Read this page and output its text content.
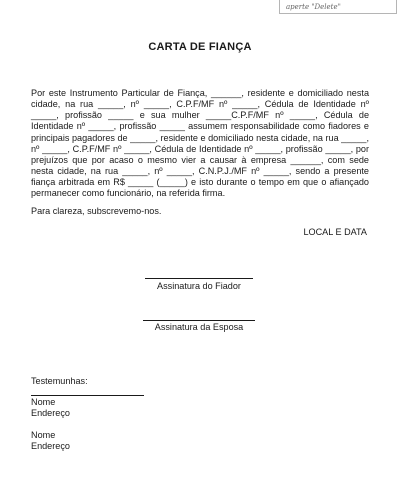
aperte "Delete"
CARTA DE FIANÇA
Por este Instrumento Particular de Fiança, ______, residente e domiciliado nesta cidade, na rua _____, nº _____, C.P.F/MF nº _____, Cédula de Identidade nº _____, profissão _____ e sua mulher _____C.P.F/MF nº _____, Cédula de Identidade nº _____, profissão _____ assumem responsabilidade como fiadores e principais pagadores de _____, residente e domiciliado nesta cidade, na rua _____, nº _____, C.P.F/MF nº _____, Cédula de Identidade nº _____, profissão _____, por prejuízos que por acaso o mesmo vier a causar à empresa ______, com sede nesta cidade, na rua _____, nº _____, C.N.P.J./MF nº _____, sendo a presente fiança arbitrada em R$ _____ (_____) e isto durante o tempo em que o afiançado permanecer como funcionário, na referida firma.
Para clareza, subscrevemo-nos.
LOCAL E DATA
Assinatura do Fiador
Assinatura da Esposa
Testemunhas:
Nome
Endereço
Nome
Endereço
